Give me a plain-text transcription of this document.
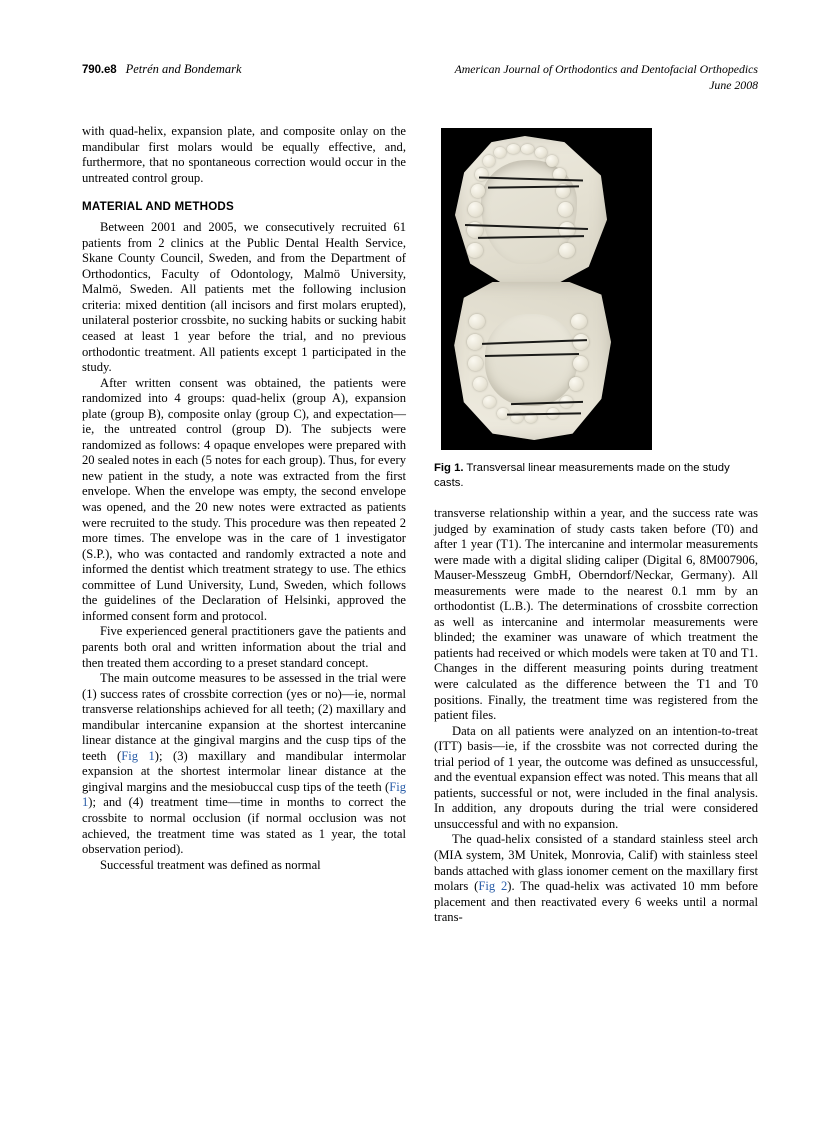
790.e8 Petrén and Bondemark	American Journal of Orthodontics and Dentofacial Orthopedics
June 2008

with quad-helix, expansion plate, and composite onlay on the mandibular first molars would be equally effective, and, furthermore, that no spontaneous correction would occur in the untreated control group.

MATERIAL AND METHODS

Between 2001 and 2005, we consecutively recruited 61 patients from 2 clinics at the Public Dental Health Service, Skane County Council, Sweden, and from the Department of Orthodontics, Faculty of Odontology, Malmö University, Malmö, Sweden. All patients met the following inclusion criteria: mixed dentition (all incisors and first molars erupted), unilateral posterior crossbite, no sucking habits or sucking habit ceased at least 1 year before the trial, and no previous orthodontic treatment. All patients except 1 participated in the study.

After written consent was obtained, the patients were randomized into 4 groups: quad-helix (group A), expansion plate (group B), composite onlay (group C), and expectation—ie, the untreated control (group D). The subjects were randomized as follows: 4 opaque envelopes were prepared with 20 sealed notes in each (5 notes for each group). Thus, for every new patient in the study, a note was extracted from the first envelope. When the envelope was empty, the second envelope was opened, and the 20 new notes were extracted as patients were recruited to the study. This procedure was then repeated 2 more times. The envelope was in the care of 1 investigator (S.P.), who was contacted and randomly extracted a note and informed the dentist which treatment strategy to use. The ethics committee of Lund University, Lund, Sweden, which follows the guidelines of the Declaration of Helsinki, approved the informed consent form and protocol.

Five experienced general practitioners gave the patients and parents both oral and written information about the trial and then treated them according to a preset standard concept.

The main outcome measures to be assessed in the trial were (1) success rates of crossbite correction (yes or no)—ie, normal transverse relationships achieved for all teeth; (2) maxillary and mandibular intercanine expansion at the shortest intercanine linear distance at the gingival margins and the cusp tips of the teeth (Fig 1); (3) maxillary and mandibular intermolar expansion at the shortest intermolar linear distance at the gingival margins and the mesiobuccal cusp tips of the teeth (Fig 1); and (4) treatment time—time in months to correct the crossbite to normal occlusion (if normal occlusion was not achieved, the treatment time was stated as 1 year, the total observation period).

Successful treatment was defined as normal

Fig 1. Transversal linear measurements made on the study casts.

transverse relationship within a year, and the success rate was judged by examination of study casts taken before (T0) and after 1 year (T1). The intercanine and intermolar measurements were made with a digital sliding caliper (Digital 6, 8M007906, Mauser-Messzeug GmbH, Oberndorf/Neckar, Germany). All measurements were made to the nearest 0.1 mm by an orthodontist (L.B.). The determinations of crossbite correction as well as intercanine and intermolar measurements were blinded; the examiner was unaware of which treatment the patients had received or which models were taken at T0 and T1. Changes in the different measuring points during treatment were calculated as the difference between the T1 and T0 positions. Finally, the treatment time was registered from the patient files.

Data on all patients were analyzed on an intention-to-treat (ITT) basis—ie, if the crossbite was not corrected during the trial period of 1 year, the outcome was defined as unsuccessful, and the eventual expansion effect was noted. This means that all patients, successful or not, were included in the final analysis. In addition, any dropouts during the trial were considered unsuccessful and with no expansion.

The quad-helix consisted of a standard stainless steel arch (MIA system, 3M Unitek, Monrovia, Calif) with stainless steel bands attached with glass ionomer cement on the maxillary first molars (Fig 2). The quad-helix was activated 10 mm before placement and then reactivated every 6 weeks until a normal trans-
